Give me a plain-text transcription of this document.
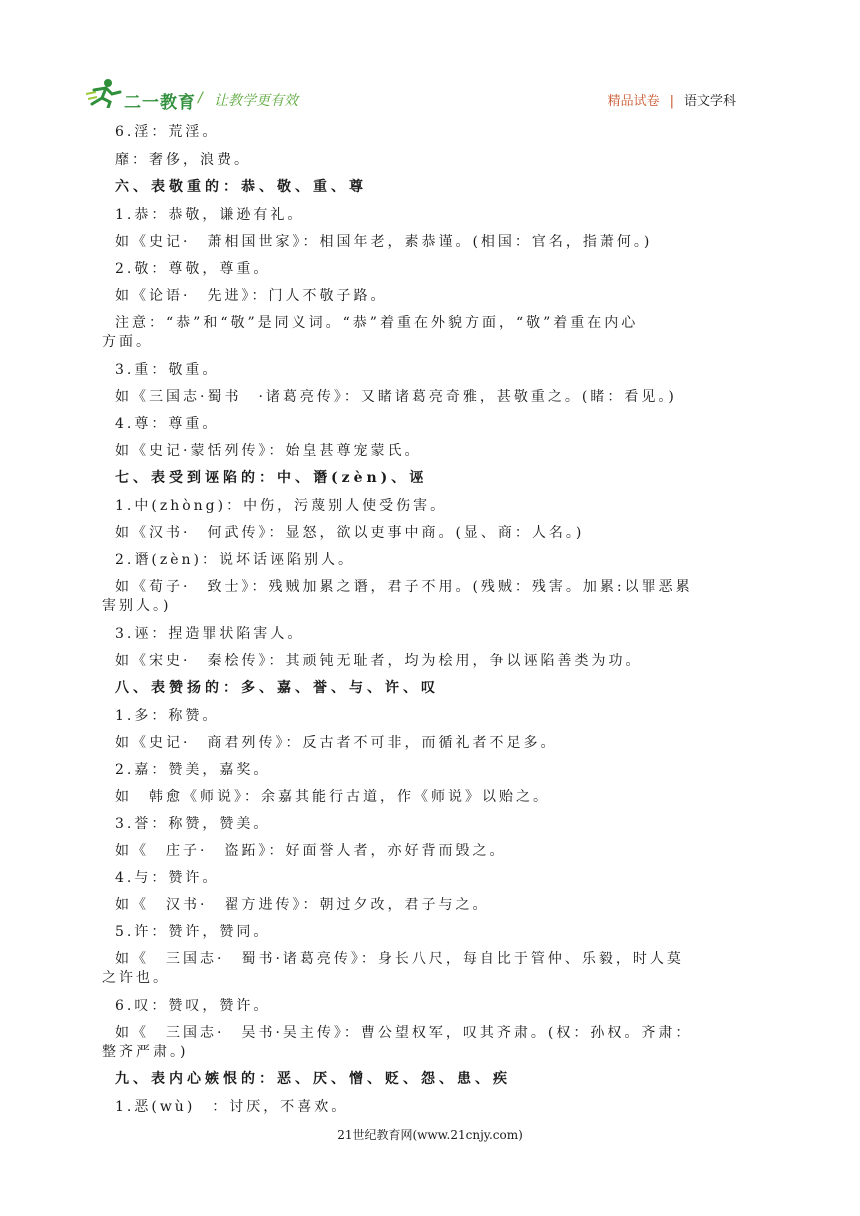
二一教育 / 让教学更有效	精品试卷 | 语文学科
6.淫：荒淫。
靡：奢侈，浪费。
六、表敬重的：恭、敬、重、尊
1.恭：恭敬，谦逊有礼。
如《史记·　萧相国世家》：相国年老，素恭谨。(相国：官名，指萧何。)
2.敬：尊敬，尊重。
如《论语·　先进》：门人不敬子路。
注意：“恭”和“敬”是同义词。“恭”着重在外貌方面，“敬”着重在内心
方面。
3.重：敬重。
如《三国志·蜀书　·诸葛亮传》：又睹诸葛亮奇雅，甚敬重之。(睹：看见。)
4.尊：尊重。
如《史记·蒙恬列传》：始皇甚尊宠蒙氏。
七、表受到诬陷的：中、谮(zèn)、诬
1.中(zhòng)：中伤，污蔑别人使受伤害。
如《汉书·　何武传》：显怒，欲以吏事中商。(显、商：人名。)
2.谮(zèn)：说坏话诬陷别人。
如《荀子·　致士》：残贼加累之谮，君子不用。(残贼：残害。加累:以罪恶累
害别人。)
3.诬：捏造罪状陷害人。
如《宋史·　秦桧传》：其顽钝无耻者，均为桧用，争以诬陷善类为功。
八、表赞扬的：多、嘉、誉、与、许、叹
1.多：称赞。
如《史记·　商君列传》：反古者不可非，而循礼者不足多。
2.嘉：赞美，嘉奖。
如　韩愈《师说》：余嘉其能行古道，作《师说》以贻之。
3.誉：称赞，赞美。
如《　庄子·　盗跖》：好面誉人者，亦好背而毁之。
4.与：赞许。
如《　汉书·　翟方进传》：朝过夕改，君子与之。
5.许：赞许，赞同。
如《　三国志·　蜀书·诸葛亮传》：身长八尺，每自比于管仲、乐毅，时人莫
之许也。
6.叹：赞叹，赞许。
如《　三国志·　吴书·吴主传》：曹公望权军，叹其齐肃。(权：孙权。齐肃：
整齐严肃。)
九、表内心嫉恨的：恶、厌、憎、贬、怨、患、疾
1.恶(wù)　：讨厌，不喜欢。
21世纪教育网(www.21cnjy.com)
